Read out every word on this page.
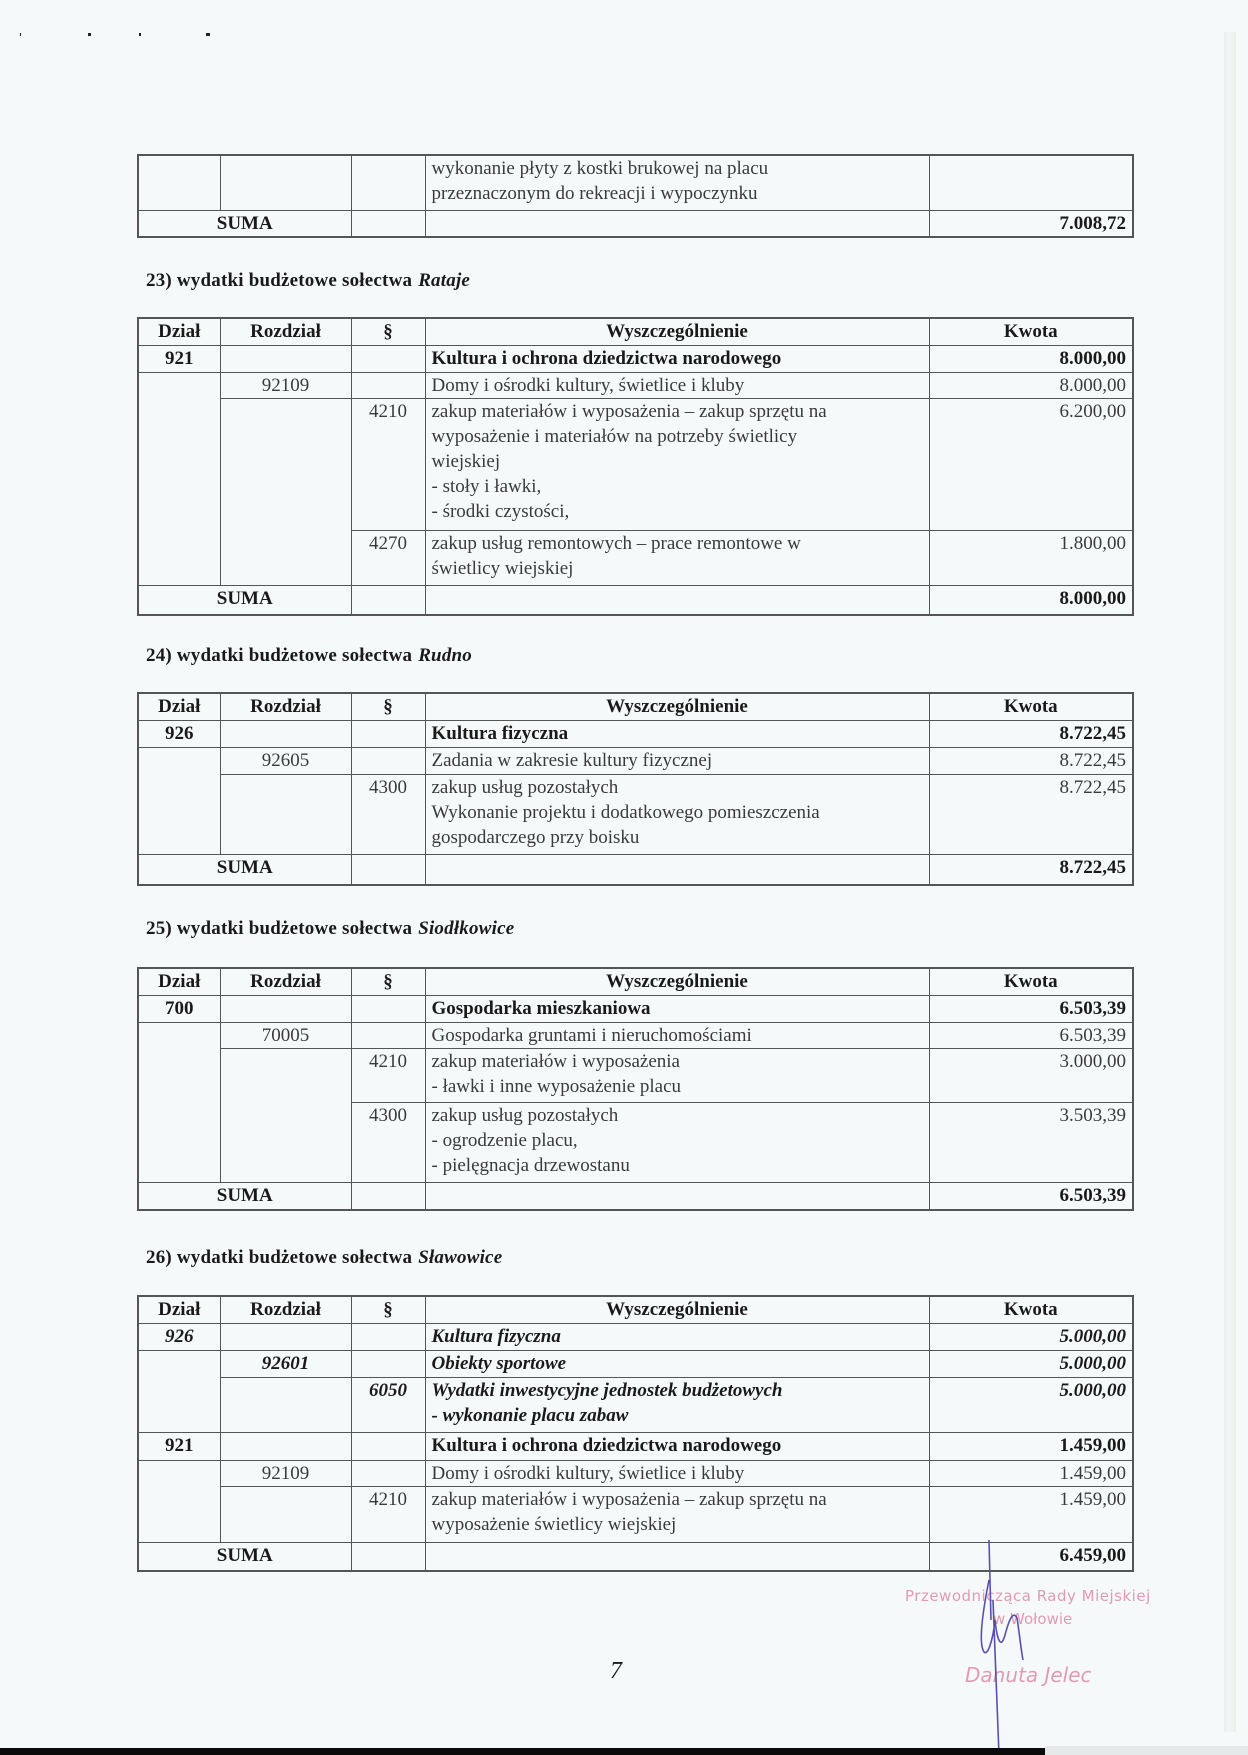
			wykonanie płyty z kostki brukowej na placu
przeznaczonym do rekreacji i wypoczynku	

SUMA				7.008,72
23) wydatki budżetowe sołectwa Rataje
Dział	Rozdział	§	Wyszczególnienie	Kwota
921			Kultura i ochrona dziedzictwa narodowego	8.000,00
	92109		Domy i ośrodki kultury, świetlice i kluby	8.000,00
		4210	zakup materiałów i wyposażenia – zakup sprzętu na
wyposażenie i materiałów na potrzeby świetlicy
wiejskiej
- stoły i ławki,
- środki czystości,	6.200,00
		4270	zakup usług remontowych – prace remontowe w
świetlicy wiejskiej	1.800,00
SUMA				8.000,00
24) wydatki budżetowe sołectwa Rudno
Dział	Rozdział	§	Wyszczególnienie	Kwota
926			Kultura fizyczna	8.722,45
	92605		Zadania w zakresie kultury fizycznej	8.722,45
		4300	zakup usług pozostałych
Wykonanie projektu i dodatkowego pomieszczenia
gospodarczego przy boisku	8.722,45
SUMA				8.722,45
25) wydatki budżetowe sołectwa Siodłkowice
Dział	Rozdział	§	Wyszczególnienie	Kwota
700			Gospodarka mieszkaniowa	6.503,39
	70005		Gospodarka gruntami i nieruchomościami	6.503,39
		4210	zakup materiałów i wyposażenia
- ławki i inne wyposażenie placu	3.000,00
		4300	zakup usług pozostałych
- ogrodzenie placu,
- pielęgnacja drzewostanu	3.503,39
SUMA				6.503,39
26) wydatki budżetowe sołectwa Sławowice
Dział	Rozdział	§	Wyszczególnienie	Kwota
926			Kultura fizyczna	5.000,00
	92601		Obiekty sportowe	5.000,00
		6050	Wydatki inwestycyjne jednostek budżetowych
- wykonanie placu zabaw	5.000,00
921			Kultura i ochrona dziedzictwa narodowego	1.459,00
	92109		Domy i ośrodki kultury, świetlice i kluby	1.459,00
		4210	zakup materiałów i wyposażenia – zakup sprzętu na
wyposażenie świetlicy wiejskiej	1.459,00
SUMA				6.459,00
Przewodnicząca Rady Miejskiej
w Wołowie
Danuta Jelec
7
